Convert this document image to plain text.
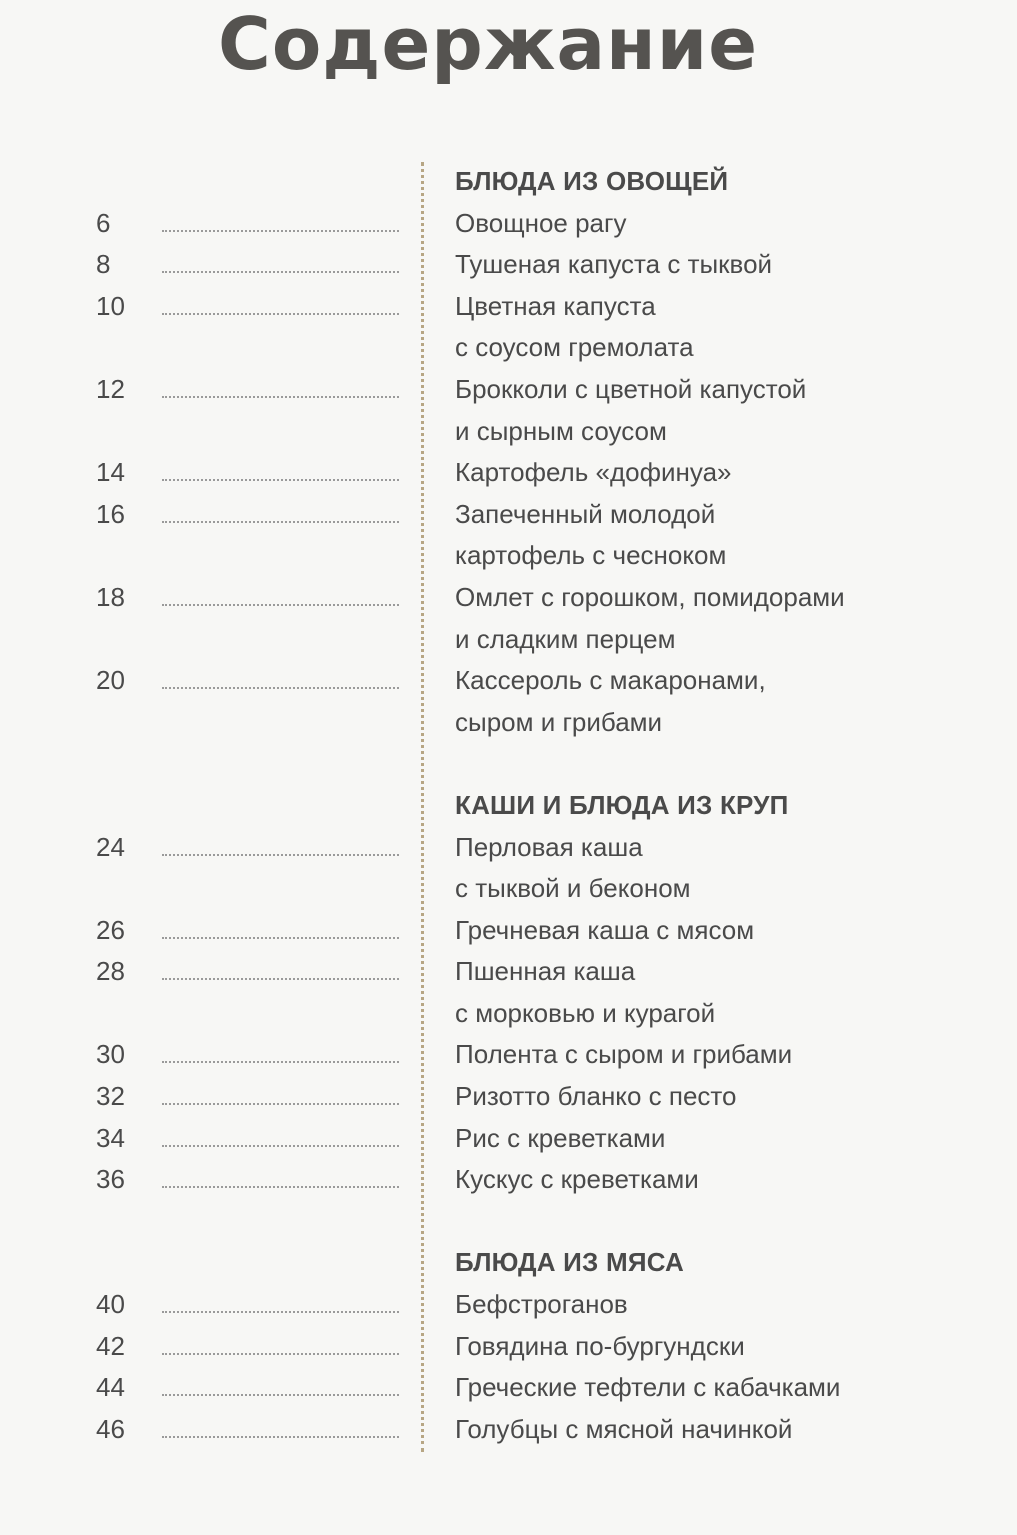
Содержание
БЛЮДА ИЗ ОВОЩЕЙ
6	Овощное рагу
8	Тушеная капуста с тыквой
10	Цветная капуста
с соусом гремолата
12	Брокколи с цветной капустой
и сырным соусом
14	Картофель «дофинуа»
16	Запеченный молодой
картофель с чесноком
18	Омлет с горошком, помидорами
и сладким перцем
20	Кассероль с макаронами,
сыром и грибами
КАШИ И БЛЮДА ИЗ КРУП
24	Перловая каша
с тыквой и беконом
26	Гречневая каша с мясом
28	Пшенная каша
с морковью и курагой
30	Полента с сыром и грибами
32	Ризотто бланко с песто
34	Рис с креветками
36	Кускус с креветками
БЛЮДА ИЗ МЯСА
40	Бефстроганов
42	Говядина по-бургундски
44	Греческие тефтели с кабачками
46	Голубцы с мясной начинкой
